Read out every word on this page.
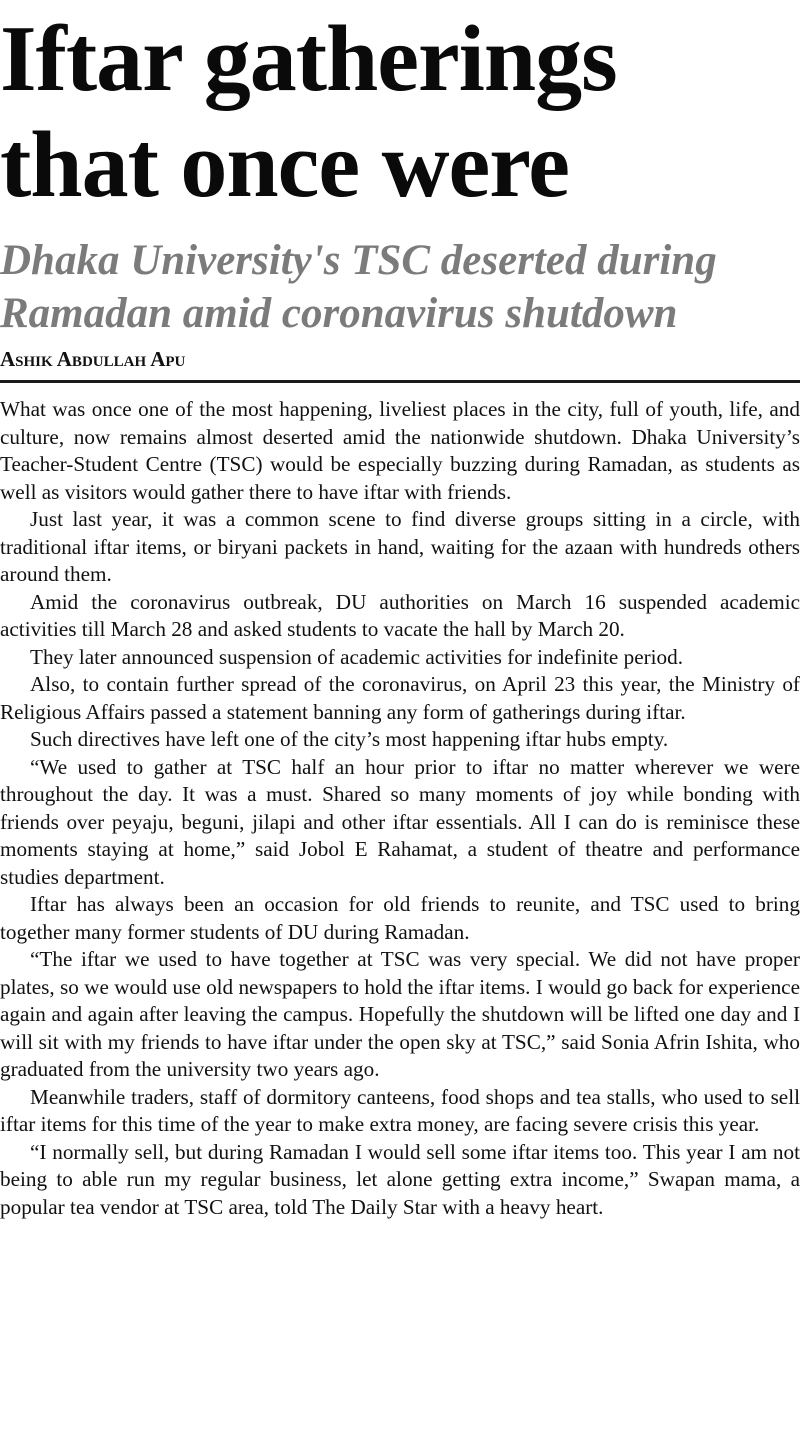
Iftar gatherings
that once were
Dhaka University's TSC deserted during
Ramadan amid coronavirus shutdown
Ashik Abdullah Apu

What was once one of the most happening, liveliest places in the city, full of youth, life, and culture, now remains almost deserted amid the nationwide shutdown. Dhaka University’s Teacher-Student Centre (TSC) would be especially buzzing during Ramadan, as students as well as visitors would gather there to have iftar with friends.

Just last year, it was a common scene to find diverse groups sitting in a circle, with traditional iftar items, or biryani packets in hand, waiting for the azaan with hundreds others around them.

Amid the coronavirus outbreak, DU authorities on March 16 suspended academic activities till March 28 and asked students to vacate the hall by March 20.

They later announced suspension of academic activities for indefinite period.

Also, to contain further spread of the coronavirus, on April 23 this year, the Ministry of Religious Affairs passed a statement banning any form of gatherings during iftar.

Such directives have left one of the city’s most happening iftar hubs empty.

“We used to gather at TSC half an hour prior to iftar no matter wherever we were throughout the day. It was a must. Shared so many moments of joy while bonding with friends over peyaju, beguni, jilapi and other iftar essentials. All I can do is reminisce these moments staying at home,” said Jobol E Rahamat, a student of theatre and performance studies department.

Iftar has always been an occasion for old friends to reunite, and TSC used to bring together many former students of DU during Ramadan.

“The iftar we used to have together at TSC was very special. We did not have proper plates, so we would use old newspapers to hold the iftar items. I would go back for experience again and again after leaving the campus. Hopefully the shutdown will be lifted one day and I will sit with my friends to have iftar under the open sky at TSC,” said Sonia Afrin Ishita, who graduated from the university two years ago.

Meanwhile traders, staff of dormitory canteens, food shops and tea stalls, who used to sell iftar items for this time of the year to make extra money, are facing severe crisis this year.

“I normally sell, but during Ramadan I would sell some iftar items too. This year I am not being to able run my regular business, let alone getting extra income,” Swapan mama, a popular tea vendor at TSC area, told The Daily Star with a heavy heart.
